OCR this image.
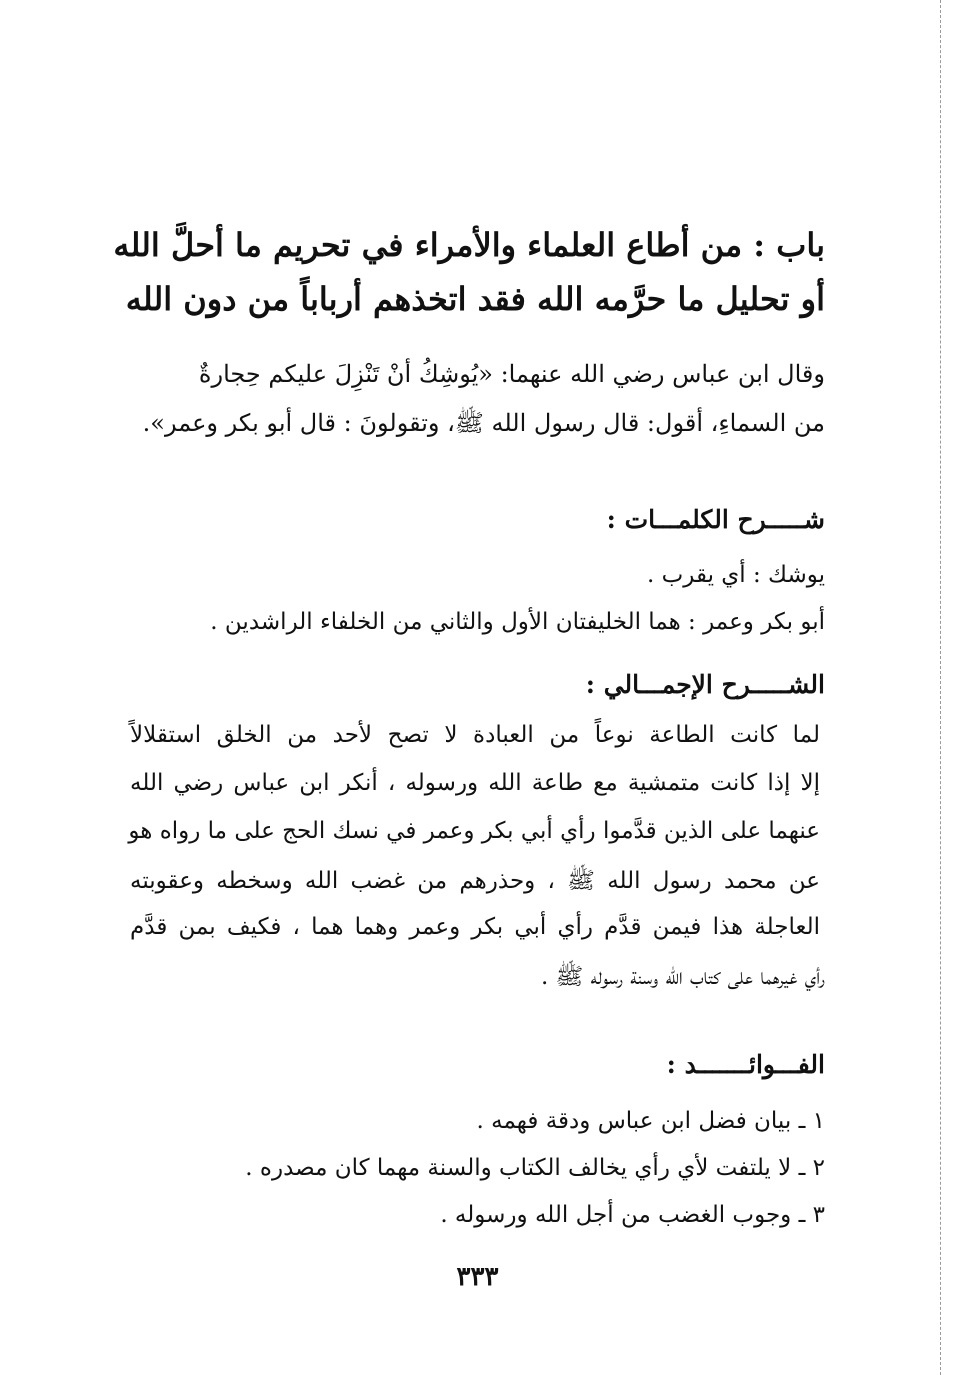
باب : من أطاع العلماء والأمراء في تحريم ما أحلَّ الله
أو تحليل ما حرَّمه الله فقد اتخذهم أرباباً من دون الله
وقال ابن عباس رضي الله عنهما: «يُوشِكُ أنْ تَنْزِلَ عليكم حِجارةٌ
من السماءِ، أقول: قال رسول الله ﷺ، وتقولونَ : قال أبو بكر وعمر».
شـــــرح الكلمـــات :
يوشك : أي يقرب .
أبو بكر وعمر : هما الخليفتان الأول والثاني من الخلفاء الراشدين .
الشـــــرح الإجمـــالي :
لما كانت الطاعة نوعاً من العبادة لا تصح لأحد من الخلق استقلالاً
إلا إذا كانت متمشية مع طاعة الله ورسوله ، أنكر ابن عباس رضي الله
عنهما على الذين قدَّموا رأي أبي بكر وعمر في نسك الحج على ما رواه هو
عن محمد رسول الله ﷺ ، وحذرهم من غضب الله وسخطه وعقوبته
العاجلة هذا فيمن قدَّم رأي أبي بكر وعمر وهما هما ، فكيف بمن قدَّم
رأي غيرهما على كتاب الله وسنة رسوله ﷺ .
الفـــوائـــــــد :
١ ـ بيان فضل ابن عباس ودقة فهمه .
٢ ـ لا يلتفت لأي رأي يخالف الكتاب والسنة مهما كان مصدره .
٣ ـ وجوب الغضب من أجل الله ورسوله .
٣٣٣
